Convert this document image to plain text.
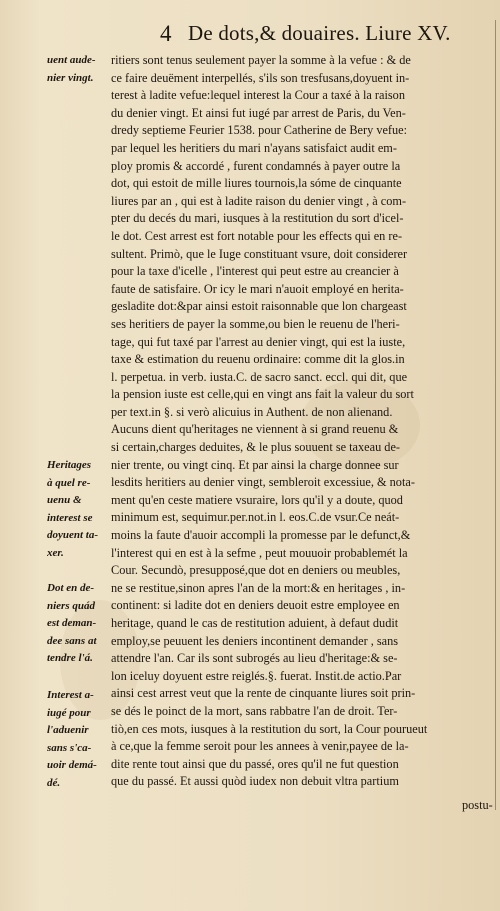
4 De dots,& douaires. Liure XV.
uent aude-
nier vingt.
Heritages
à quel re-
uenu &
interest se
doyuent ta-
xer.
Dot en de-
niers quád
est deman-
dee sans at
tendre l'á.
Interest a-
iugé pour
l'aduenir
sans s'ca-
uoir demá-
dé.
ritiers sont tenus seulement payer la somme à la vefue : & de
ce faire deuëment interpellés, s'ils son tresfusans,doyuent in-
terest à ladite vefue:lequel interest la Cour a taxé à la raison
du denier vingt. Et ainsi fut iugé par arrest de Paris, du Ven-
dredy septieme Feurier 1538. pour Catherine de Bery vefue:
par lequel les heritiers du mari n'ayans satisfaict audit em-
ploy promis & accordé , furent condamnés à payer outre la
dot, qui estoit de mille liures tournois,la sóme de cinquante
liures par an , qui est à ladite raison du denier vingt , à com-
pter du decés du mari, iusques à la restitution du sort d'icel-
le dot. Cest arrest est fort notable pour les effects qui en re-
sultent. Primò, que le Iuge constituant vsure, doit considerer
pour la taxe d'icelle , l'interest qui peut estre au creancier à
faute de satisfaire. Or icy le mari n'auoit employé en herita-
gesladite dot:&par ainsi estoit raisonnable que lon chargeast
ses heritiers de payer la somme,ou bien le reuenu de l'heri-
tage, qui fut taxé par l'arrest au denier vingt, qui est la iuste,
taxe & estimation du reuenu ordinaire: comme dit la glos.in
l. perpetua. in verb. iusta.C. de sacro sanct. eccl. qui dit, que
la pension iuste est celle,qui en vingt ans fait la valeur du sort
per text.in §. si verò alicuius in Authent. de non alienand.
Aucuns dient qu'heritages ne viennent à si grand reuenu &
si certain,charges deduites, & le plus souuent se taxeau de-
nier trente, ou vingt cinq. Et par ainsi la charge donnee sur
lesdits heritiers au denier vingt, sembleroit excessiue, & nota-
ment qu'en ceste matiere vsuraire, lors qu'il y a doute, quod
minimum est, sequimur.per.not.in l. eos.C.de vsur.Ce neát-
moins la faute d'auoir accompli la promesse par le defunct,&
l'interest qui en est à la sefme , peut mouuoir probablemét la
Cour. Secundò, presupposé,que dot en deniers ou meubles,
ne se restitue,sinon apres l'an de la mort:& en heritages , in-
continent: si ladite dot en deniers deuoit estre employee en
heritage, quand le cas de restitution aduient, à defaut dudit
employ,se peuuent les deniers incontinent demander , sans
attendre l'an. Car ils sont subrogés au lieu d'heritage:& se-
lon iceluy doyuent estre reiglés.§. fuerat. Instit.de actio.Par
ainsi cest arrest veut que la rente de cinquante liures soit prin-
se dés le poinct de la mort, sans rabbatre l'an de droit. Ter-
tiò,en ces mots, iusques à la restitution du sort, la Cour pourueut
à ce,que la femme seroit pour les annees à venir,payee de la-
dite rente tout ainsi que du passé, ores qu'il ne fut question
que du passé. Et aussi quòd iudex non debuit vltra partium
postu-
